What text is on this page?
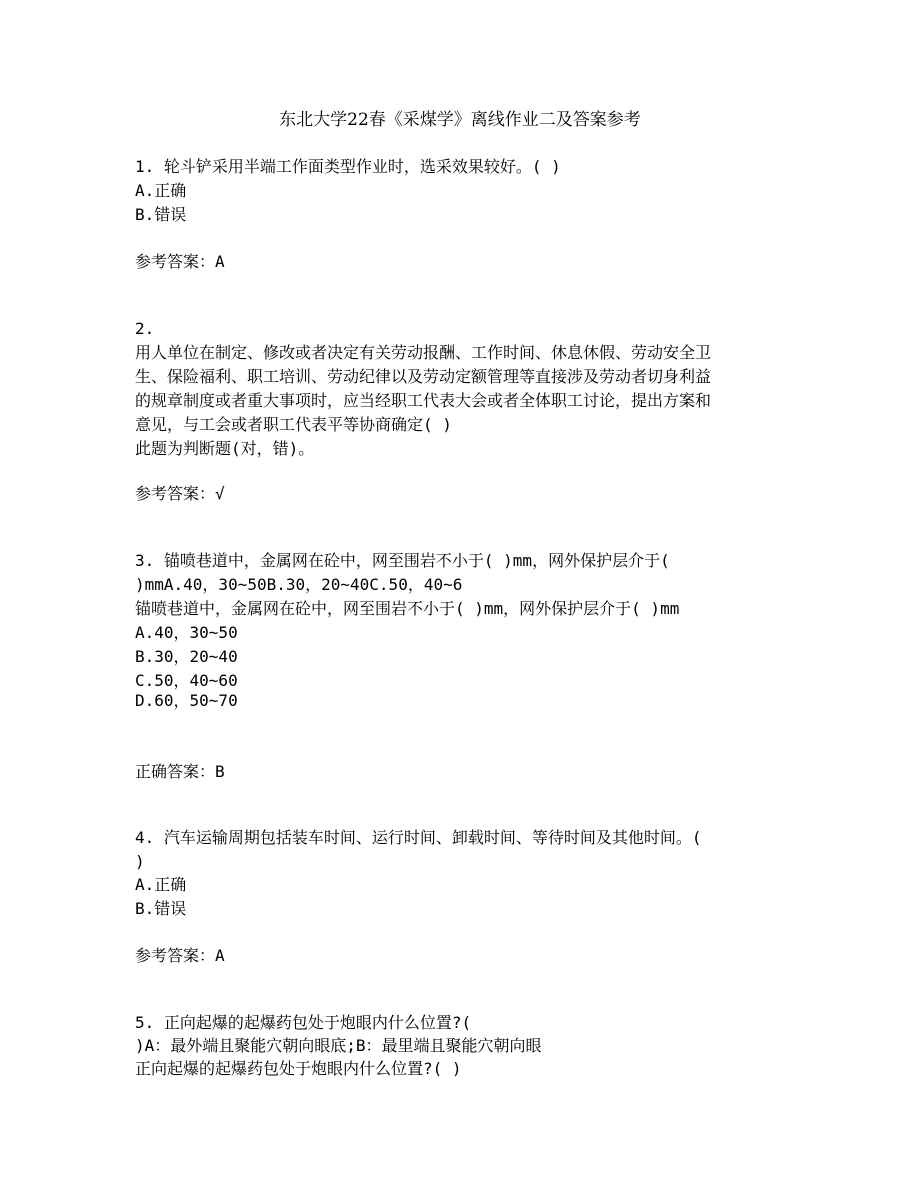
东北大学22春《采煤学》离线作业二及答案参考
1. 轮斗铲采用半端工作面类型作业时，选采效果较好。( )
A.正确
B.错误
参考答案：A
2.
用人单位在制定、修改或者决定有关劳动报酬、工作时间、休息休假、劳动安全卫
生、保险福利、职工培训、劳动纪律以及劳动定额管理等直接涉及劳动者切身利益
的规章制度或者重大事项时，应当经职工代表大会或者全体职工讨论，提出方案和
意见，与工会或者职工代表平等协商确定( )
此题为判断题(对，错)。
参考答案：√
3. 锚喷巷道中，金属网在砼中，网至围岩不小于( )mm，网外保护层介于(
)mmA.40，30~50B.30，20~40C.50，40~6
锚喷巷道中，金属网在砼中，网至围岩不小于( )mm，网外保护层介于( )mm
A.40，30~50
B.30，20~40
C.50，40~60
D.60，50~70
正确答案：B
4. 汽车运输周期包括装车时间、运行时间、卸载时间、等待时间及其他时间。(
)
A.正确
B.错误
参考答案：A
5. 正向起爆的起爆药包处于炮眼内什么位置?(
)A：最外端且聚能穴朝向眼底;B：最里端且聚能穴朝向眼
正向起爆的起爆药包处于炮眼内什么位置?( )
